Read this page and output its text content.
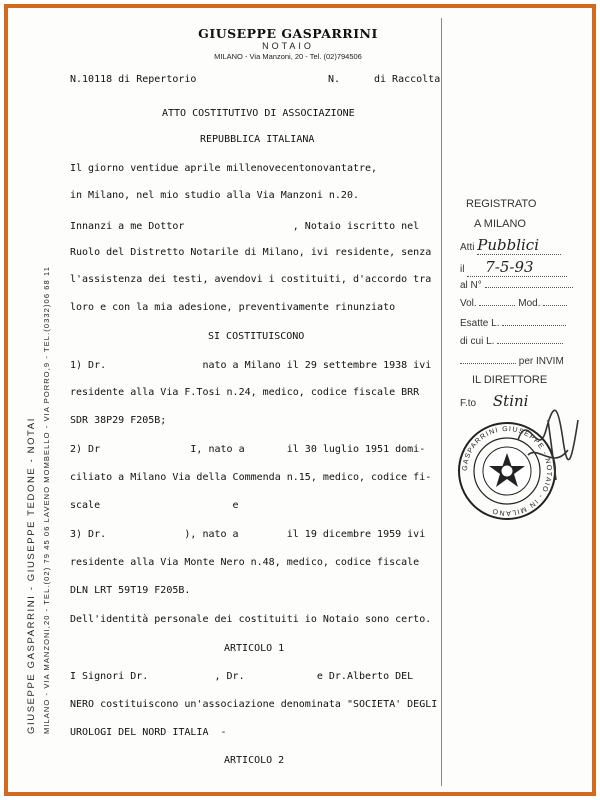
GIUSEPPE GASPARRINI
NOTAIO
MILANO - Via Manzoni, 20 - Tel. (02)794506
GIUSEPPE GASPARRINI - GIUSEPPE TEDONE - NOTAI MILANO - VIA MANZONI,20 - TEL.(02) 79 45 06 LAVENO MOMBELLO - VIA PORRO,9 - TEL.(0332)06 68 11
N.10118 di Repertorio	N.	di Raccolta
ATTO COSTITUTIVO DI ASSOCIAZIONE
REPUBBLICA ITALIANA
Il giorno ventidue aprile millenovecentonovantatre,
in Milano, nel mio studio alla Via Manzoni n.20.
Innanzi a me Dottor                  , Notaio iscritto nel
Ruolo del Distretto Notarile di Milano, ivi residente, senza
l'assistenza dei testi, avendovi i costituiti, d'accordo tra
loro e con la mia adesione, preventivamente rinunziato
SI COSTITUISCONO
1) Dr.                nato a Milano il 29 settembre 1938 ivi
residente alla Via F.Tosi n.24, medico, codice fiscale BRR
SDR 38P29 F205B;
2) Dr               I, nato a       il 30 luglio 1951 domi-
ciliato a Milano Via della Commenda n.15, medico, codice fi-
scale                      e
3) Dr.             ), nato a        il 19 dicembre 1959 ivi
residente alla Via Monte Nero n.48, medico, codice fiscale
DLN LRT 59T19 F205B.
Dell'identità personale dei costituiti io Notaio sono certo.
ARTICOLO 1
I Signori Dr.           , Dr.            e Dr.Alberto DEL
NERO costituiscono un'associazione denominata "SOCIETA' DEGLI
UROLOGI DEL NORD ITALIA  -
ARTICOLO 2
REGISTRATO
A MILANO
Atti Pubblici
il 7-5-93
al N°
Vol.	Mod.
Esatte L.
di cui L.
per INVIM
IL DIRETTORE
F.to Stini
GASPARRINI GIUSEPPE - NOTAIO - IN MILANO
